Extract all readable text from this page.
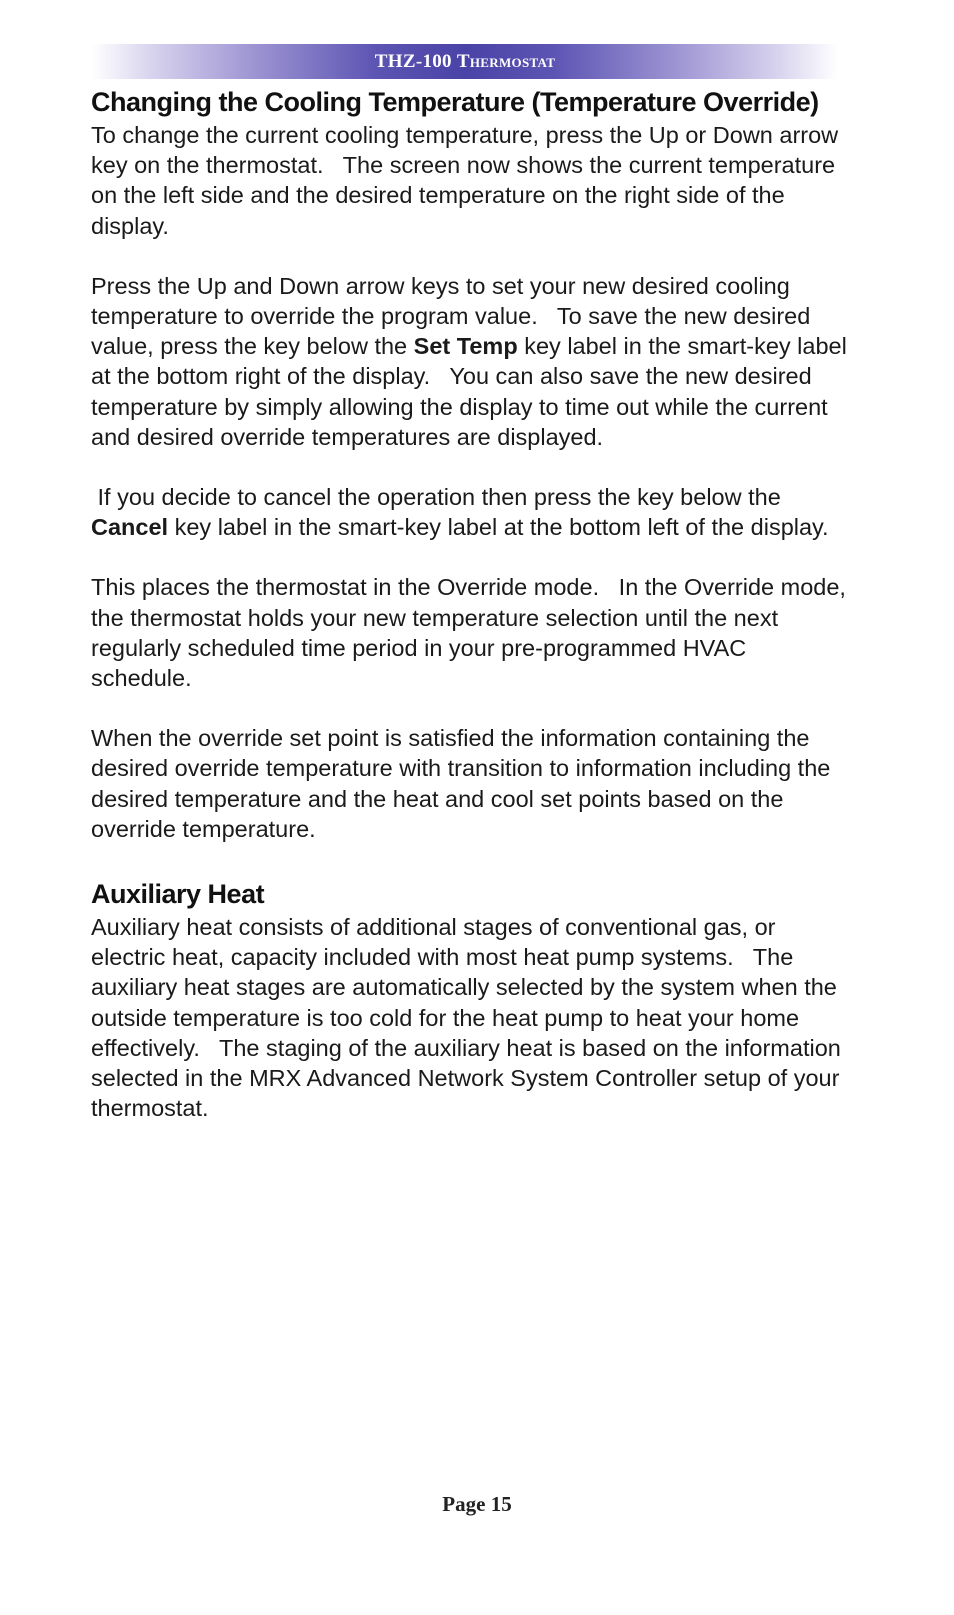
THZ-100 Thermostat
Changing the Cooling Temperature (Temperature Override)

To change the current cooling temperature, press the Up or Down arrow key on the thermostat.   The screen now shows the current temperature on the left side and the desired temperature on the right side of the display.

Press the Up and Down arrow keys to set your new desired cooling temperature to override the program value.   To save the new desired value, press the key below the Set Temp key label in the smart-key label at the bottom right of the display.   You can also save the new desired temperature by simply allowing the display to time out while the current and desired override temperatures are displayed.

If you decide to cancel the operation then press the key below the Cancel key label in the smart-key label at the bottom left of the display.

This places the thermostat in the Override mode.   In the Override mode, the thermostat holds your new temperature selection until the next regularly scheduled time period in your pre-programmed HVAC schedule.

When the override set point is satisfied the information containing the desired override temperature with transition to information including the desired temperature and the heat and cool set points based on the override temperature.

Auxiliary Heat

Auxiliary heat consists of additional stages of conventional gas, or electric heat, capacity included with most heat pump systems.   The auxiliary heat stages are automatically selected by the system when the outside temperature is too cold for the heat pump to heat your home effectively.   The staging of the auxiliary heat is based on the information selected in the MRX Advanced Network System Controller setup of your thermostat.

Page 15
